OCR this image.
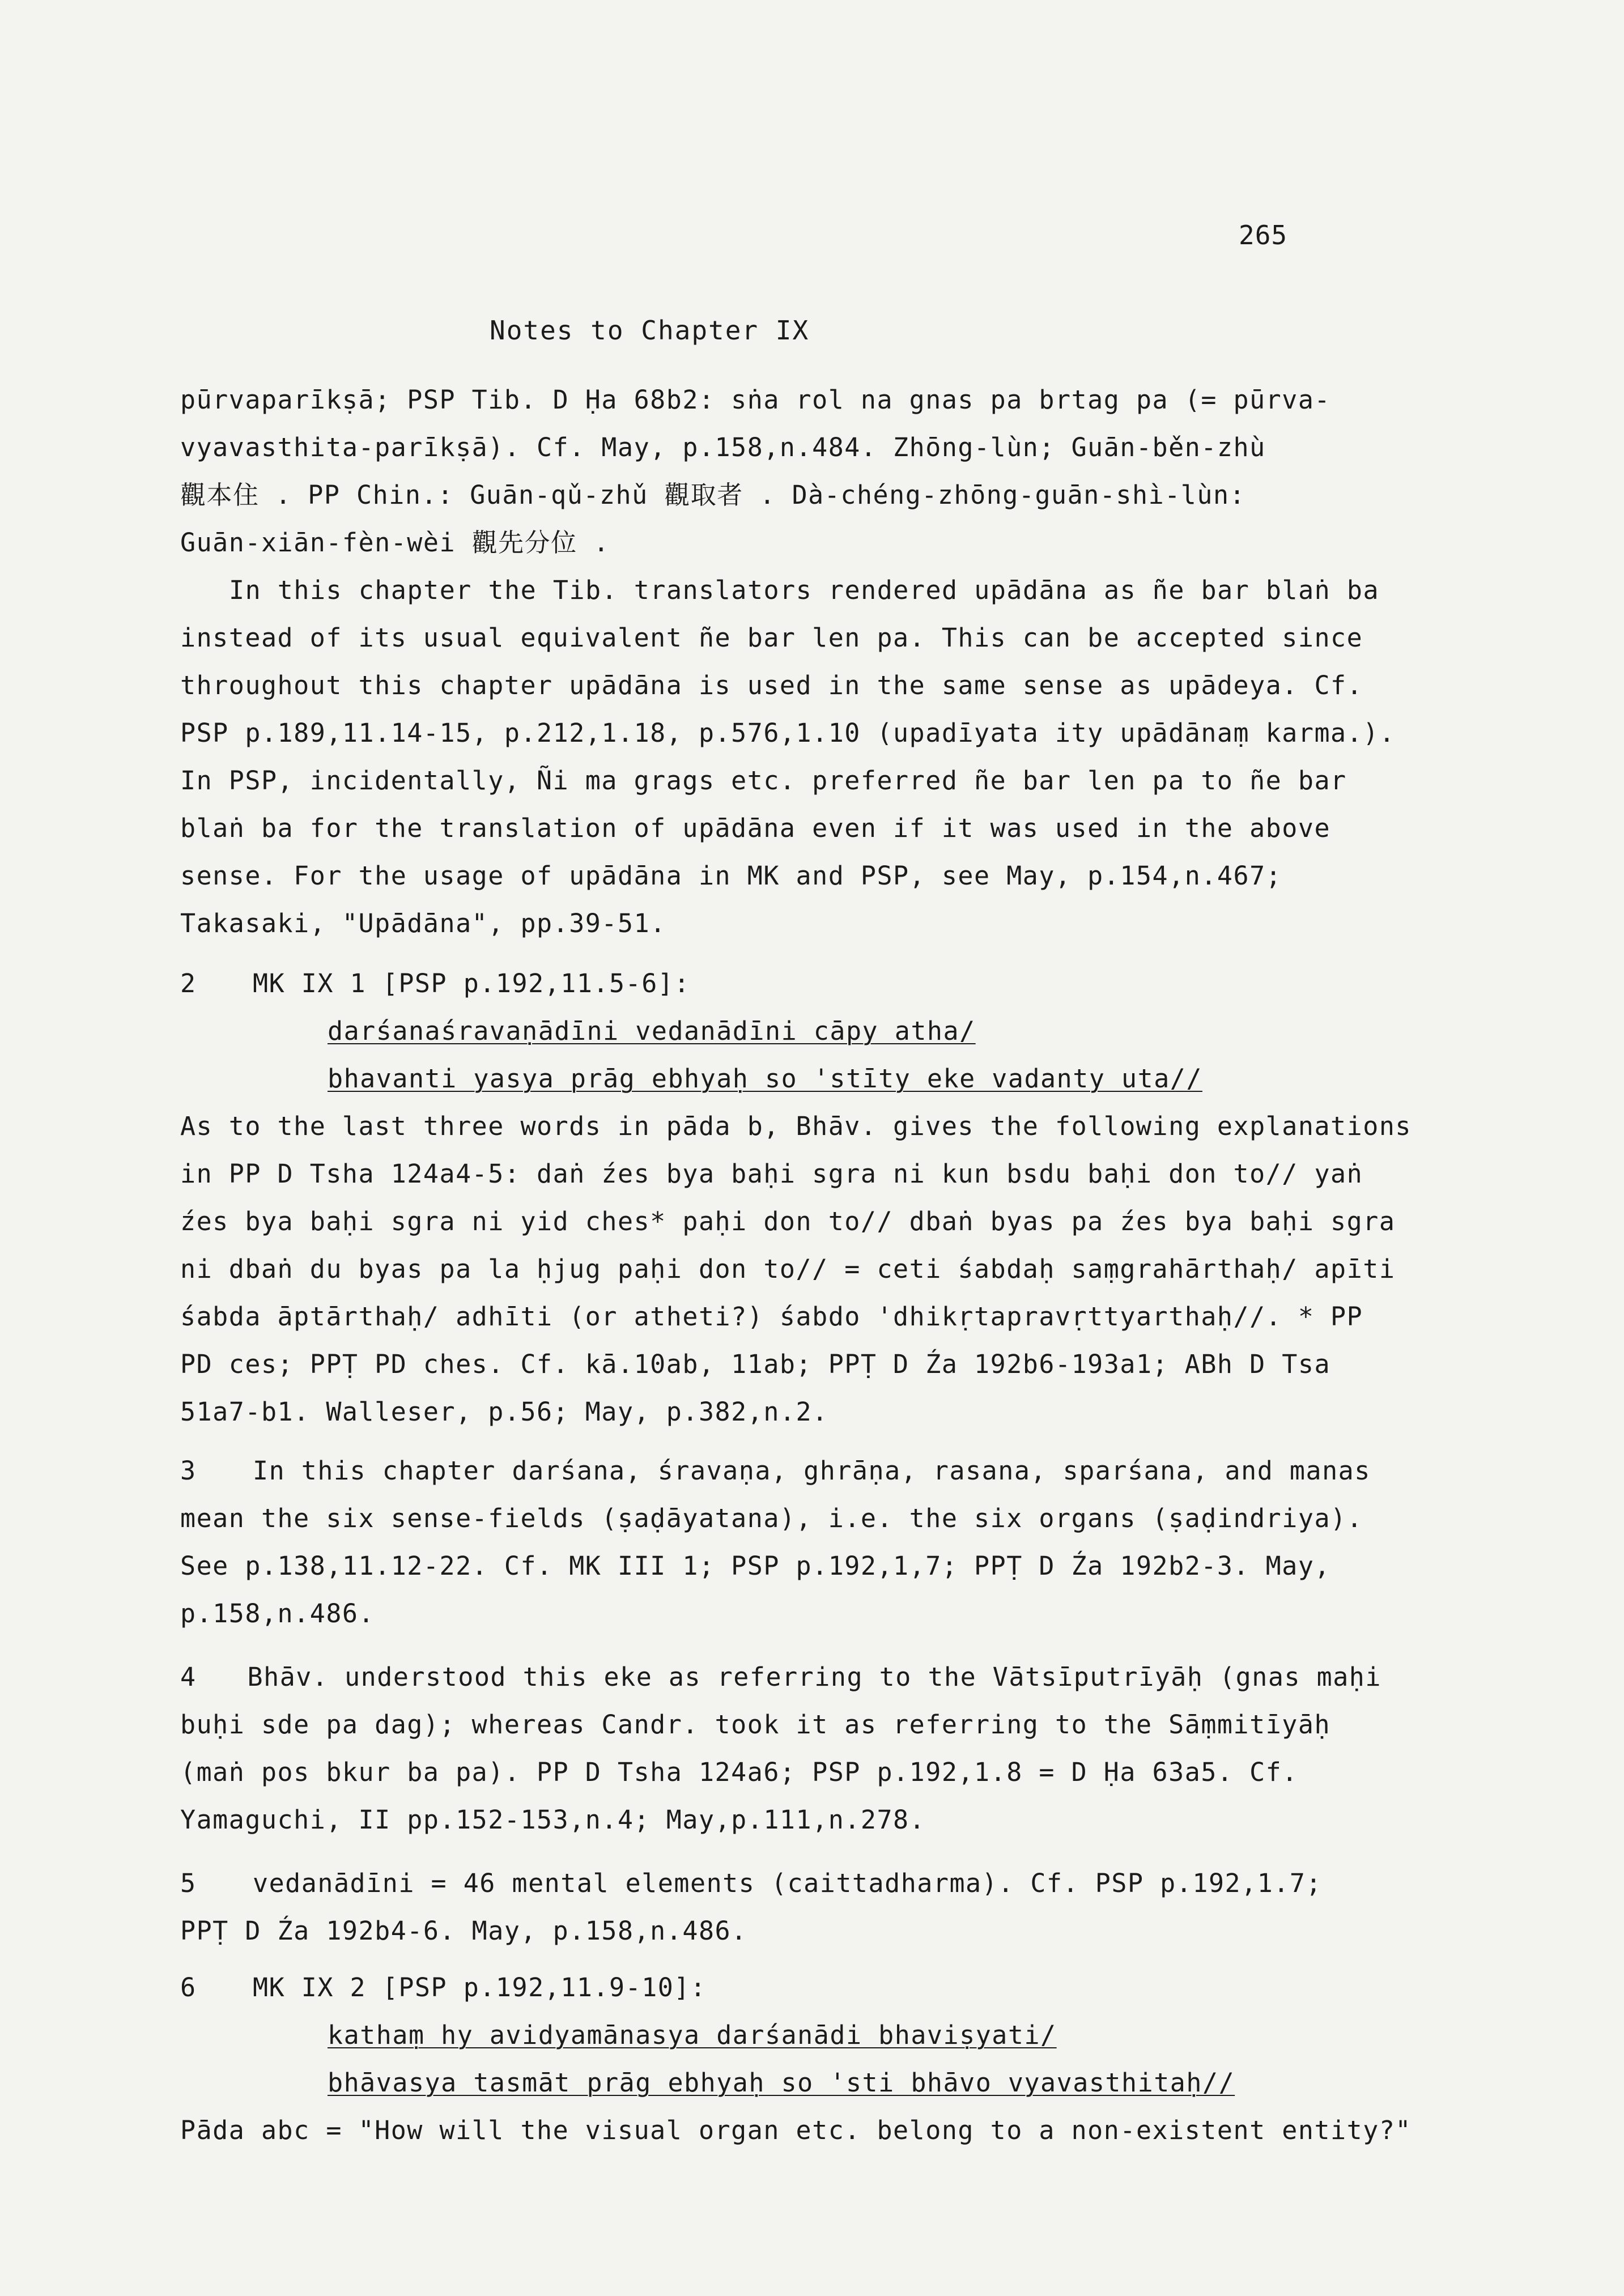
265
Notes to Chapter IX
pūrvaparīkṣā; PSP Tib. D Ḥa 68b2: sṅa rol na gnas pa brtag pa (= pūrva-
vyavasthita-parīkṣā). Cf. May, p.158,n.484. Zhōng-lùn; Guān-běn-zhù
觀本住 . PP Chin.: Guān-qǔ-zhǔ 觀取者 . Dà-chéng-zhōng-guān-shì-lùn:
Guān-xiān-fèn-wèi 觀先分位 .
In this chapter the Tib. translators rendered upādāna as ñe bar blaṅ ba
instead of its usual equivalent ñe bar len pa. This can be accepted since
throughout this chapter upādāna is used in the same sense as upādeya. Cf.
PSP p.189,11.14-15, p.212,1.18, p.576,1.10 (upadīyata ity upādānaṃ karma.).
In PSP, incidentally, Ñi ma grags etc. preferred ñe bar len pa to ñe bar
blaṅ ba for the translation of upādāna even if it was used in the above
sense. For the usage of upādāna in MK and PSP, see May, p.154,n.467;
Takasaki, "Upādāna", pp.39-51.
2	MK IX 1 [PSP p.192,11.5-6]:
darśanaśravaṇādīni vedanādīni cāpy atha/
bhavanti yasya prāg ebhyaḥ so 'stīty eke vadanty uta//
As to the last three words in pāda b, Bhāv. gives the following explanations
in PP D Tsha 124a4-5: daṅ źes bya baḥi sgra ni kun bsdu baḥi don to// yaṅ
źes bya baḥi sgra ni yid ches* paḥi don to// dbaṅ byas pa źes bya baḥi sgra
ni dbaṅ du byas pa la ḥjug paḥi don to// = ceti śabdaḥ saṃgrahārthaḥ/ apīti
śabda āptārthaḥ/ adhīti (or atheti?) śabdo 'dhikṛtapravṛttyarthaḥ//. * PP
PD ces; PPṬ PD ches. Cf. kā.10ab, 11ab; PPṬ D Źa 192b6-193a1; ABh D Tsa
51a7-b1. Walleser, p.56; May, p.382,n.2.
3	In this chapter darśana, śravaṇa, ghrāṇa, rasana, sparśana, and manas
mean the six sense-fields (ṣaḍāyatana), i.e. the six organs (ṣaḍindriya).
See p.138,11.12-22. Cf. MK III 1; PSP p.192,1,7; PPṬ D Źa 192b2-3. May,
p.158,n.486.
4	Bhāv. understood this eke as referring to the Vātsīputrīyāḥ (gnas maḥi
buḥi sde pa dag); whereas Candr. took it as referring to the Sāṃmitīyāḥ
(maṅ pos bkur ba pa). PP D Tsha 124a6; PSP p.192,1.8 = D Ḥa 63a5. Cf.
Yamaguchi, II pp.152-153,n.4; May,p.111,n.278.
5	vedanādīni = 46 mental elements (caittadharma). Cf. PSP p.192,1.7;
PPṬ D Źa 192b4-6. May, p.158,n.486.
6	MK IX 2 [PSP p.192,11.9-10]:
kathaṃ hy avidyamānasya darśanādi bhaviṣyati/
bhāvasya tasmāt prāg ebhyaḥ so 'sti bhāvo vyavasthitaḥ//
Pāda abc = "How will the visual organ etc. belong to a non-existent entity?"
